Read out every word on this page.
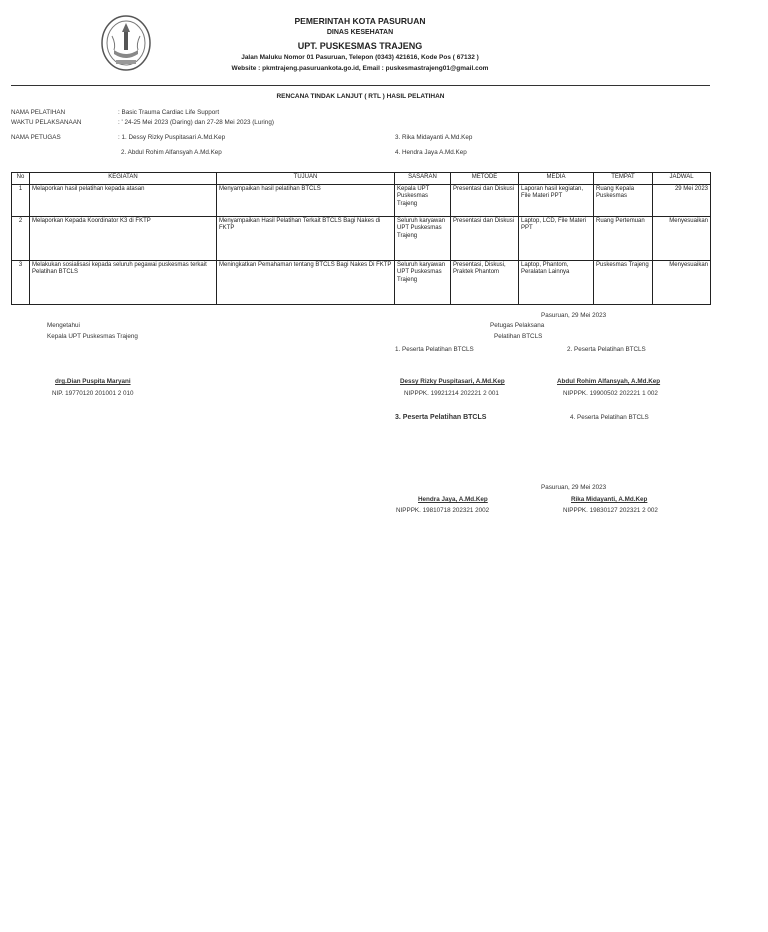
PEMERINTAH KOTA PASURUAN
DINAS KESEHATAN
UPT. PUSKESMAS TRAJENG
Jalan Maluku Nomor 01 Pasuruan, Telepon (0343) 421616, Kode Pos ( 67132 )
Website : pkmtrajeng.pasuruankota.go.id, Email : puskesmastrajeng01@gmail.com
RENCANA TINDAK LANJUT ( RTL ) HASIL PELATIHAN
NAMA PELATIHAN	: Basic Trauma Cardiac Life Support
WAKTU PELAKSANAAN	: ' 24-25 Mei 2023 (Daring) dan 27-28 Mei 2023 (Luring)
NAMA PETUGAS	: 1. Dessy Rizky Puspitasari A.Md.Kep	3. Rika Midayanti A.Md.Kep
2. Abdul Rohim Alfansyah A.Md.Kep	4. Hendra Jaya A.Md.Kep
No	KEGIATAN	TUJUAN	SASARAN	METODE	MEDIA	TEMPAT	JADWAL
1	Melaporkan hasil pelatihan kepada atasan	Menyampaikan hasil pelatihan BTCLS	Kepala UPT Puskesmas Trajeng	Presentasi dan Diskusi	Laporan hasil kegiatan, File Materi PPT	Ruang Kepala Puskesmas	29 Mei 2023
2	Melaporkan Kepada Koordinator K3 di FKTP	Menyampaikan Hasil Pelatihan Terkait BTCLS Bagi Nakes di FKTP	Seluruh karyawan UPT Puskesmas Trajeng	Presentasi dan Diskusi	Laptop, LCD, File Materi PPT	Ruang Pertemuan	Menyesuaikan
3	Melakukan sosialisasi kepada seluruh pegawai puskesmas terkait Pelatihan BTCLS	Meningkatkan Pemahaman tentang BTCLS Bagi Nakes Di FKTP	Seluruh karyawan UPT Puskesmas Trajeng	Presentasi, Diskusi, Praktek Phantom	Laptop, Phantom, Peralatan Lainnya	Puskesmas Trajeng	Menyesuaikan
Pasuruan, 29 Mei 2023
Mengetahui	Petugas Pelaksana
Kepala UPT Puskesmas Trajeng	Pelatihan BTCLS
1. Peserta Pelatihan BTCLS	2. Peserta Pelatihan BTCLS
drg.Dian Puspita Maryani	Dessy Rizky Puspitasari, A.Md.Kep	Abdul Rohim Alfansyah, A.Md.Kep
NIP. 19770120 201001 2 010	NIPPPK. 19921214 202221 2 001	NIPPPK. 19900502 202221 1 002
3. Peserta Pelatihan BTCLS	4. Peserta Pelatihan BTCLS
Pasuruan, 29 Mei 2023
Hendra Jaya, A.Md.Kep	Rika Midayanti, A.Md.Kep
NIPPPK. 19810718 202321 2002	NIPPPK. 19830127 202321 2 002
